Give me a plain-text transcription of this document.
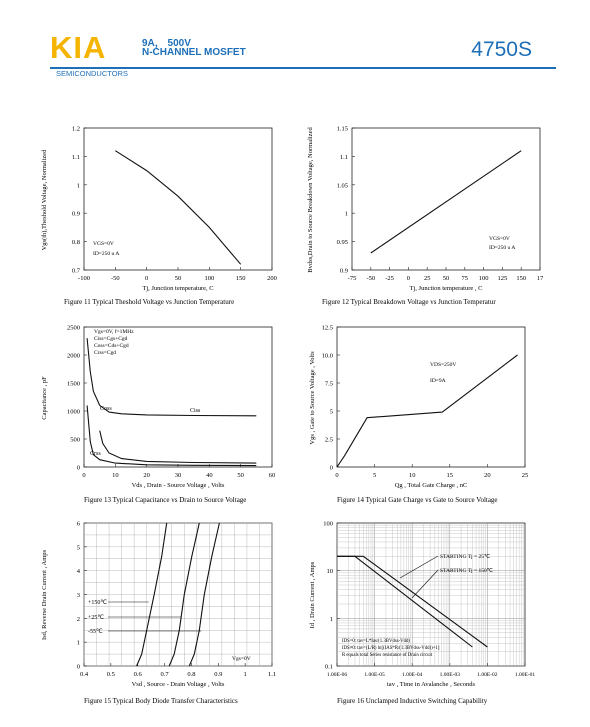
KIA
SEMICONDUCTORS
9A， 500V
N-CHANNEL MOSFET	4750S
-100	-50	0	50	100	150	200
0.7
0.8
0.9
1
1.1
1.2
Tj, Junction temperature, C
Vgs(th),Theshold Voltage, Normalized
Figure 11 Typical Theshold Voltage vs Junction Temperature
VGS=0V
ID=250 u A
-75 -50 -25 0 25 50 75 100 125 150 17
0.9
0.95
1
1.05
1.1
1.15
Tj, Junction temperature , C
Bvdss,Drain to Source Breakdown Voltage, Normalized
Figure 12 Typical Breakdown Voltage vs Junction Temperatur
VGS=0V
ID=250 u A
0	10	20	30	40	50	60
0
500
1000
1500
2000
2500
Vds , Drain - Source Voltage , Volts
Capacitance , pF
Figure 13 Typical Capacitance vs Drain to Source Voltage
Ciss
Coss
Crss
Vgs=0V, f=1MHz
Ciss=Cgs+Cgd
Coss=Cds+Cgd
Crss=Cgd
0	5	10	15	20	25
0
2.5
5
7.5
10.0
12.5
Qg , Total Gate Charge , nC
Vgs , Gate to Source Voltage , Volts
Figure 14 Typical Gate Charge vs Gate to Source Voltage
VDS=250V
ID=9A
0.4	0.5	0.6	0.7	0.8	0.9	1	1.1
0
1
2
3
4
5
6
Vsd , Source - Drain Voltage , Volts
Isd, Reverse Drain Current , Amps
Figure 15 Typical Body Diode Transfer Characteristics
+150℃
+25℃
-55℃
Vgs=0V
1.00E-06	1.00E-05	1.00E-04	1.00E-03	1.00E-02	1.00E-01
0.1
1
10
100
tav , Time in Avalanche , Seconds
Id , Drain Current , Amps
Figure 16 Unclamped Inductive Switching Capability
STARTING Tj = 25℃
STARTING Tj = 150℃
IDS=0: tav=L*Ias/(1.3BVdss-Vdd)
IDS≠0: tav=(L/R) ln[(IAS*R/(1.3BVdss-Vdd))+1]
R equals total Series resistance of Drain circuit
